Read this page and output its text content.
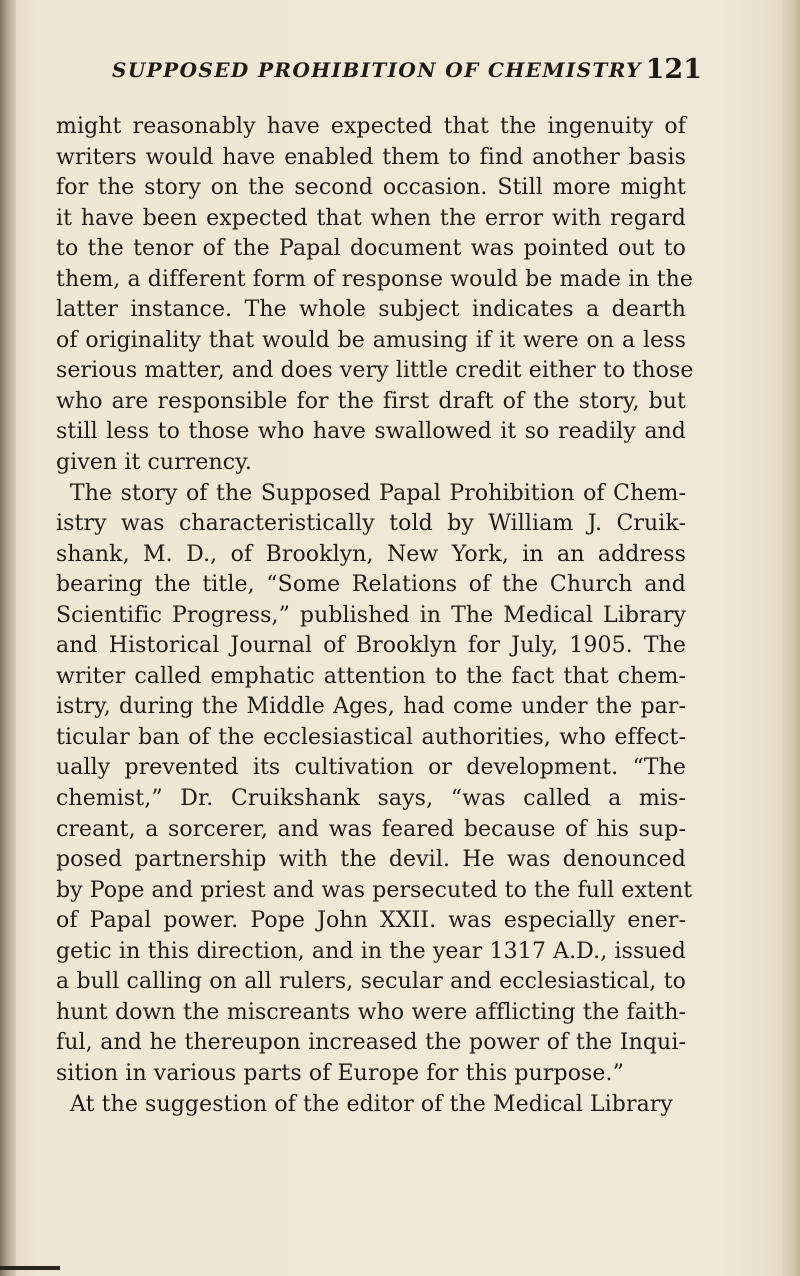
SUPPOSED PROHIBITION OF CHEMISTRY 121
might reasonably have expected that the ingenuity of
writers would have enabled them to find another basis
for the story on the second occasion. Still more might
it have been expected that when the error with regard
to the tenor of the Papal document was pointed out to
them, a different form of response would be made in the
latter instance. The whole subject indicates a dearth
of originality that would be amusing if it were on a less
serious matter, and does very little credit either to those
who are responsible for the first draft of the story, but
still less to those who have swallowed it so readily and
given it currency.
The story of the Supposed Papal Prohibition of Chem-
istry was characteristically told by William J. Cruik-
shank, M. D., of Brooklyn, New York, in an address
bearing the title, “Some Relations of the Church and
Scientific Progress,” published in The Medical Library
and Historical Journal of Brooklyn for July, 1905. The
writer called emphatic attention to the fact that chem-
istry, during the Middle Ages, had come under the par-
ticular ban of the ecclesiastical authorities, who effect-
ually prevented its cultivation or development. “The
chemist,” Dr. Cruikshank says, “was called a mis-
creant, a sorcerer, and was feared because of his sup-
posed partnership with the devil. He was denounced
by Pope and priest and was persecuted to the full extent
of Papal power. Pope John XXII. was especially ener-
getic in this direction, and in the year 1317 A.D., issued
a bull calling on all rulers, secular and ecclesiastical, to
hunt down the miscreants who were afflicting the faith-
ful, and he thereupon increased the power of the Inqui-
sition in various parts of Europe for this purpose.”
At the suggestion of the editor of the Medical Library
